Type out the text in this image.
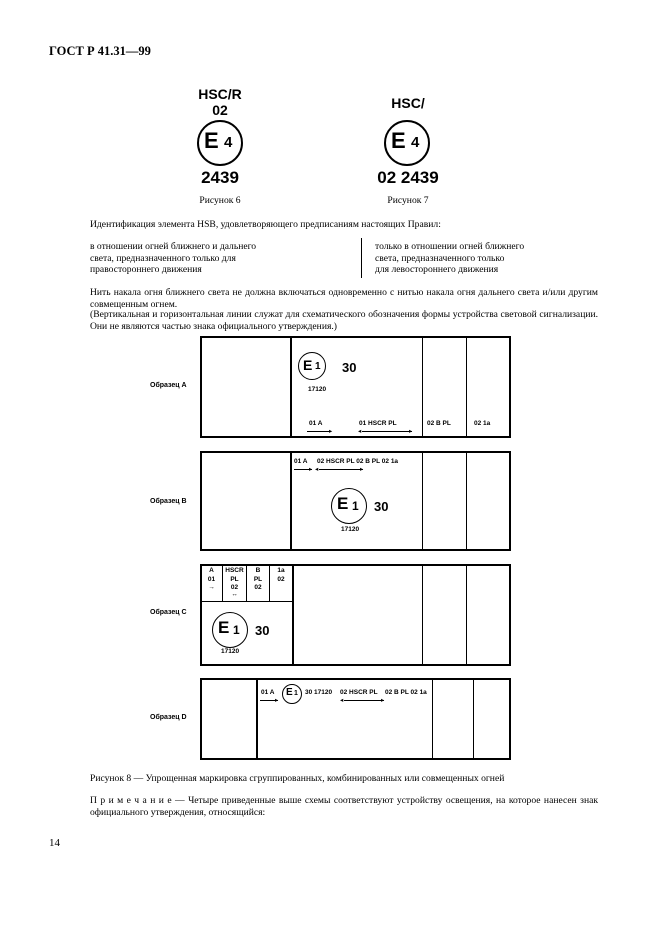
ГОСТ Р 41.31—99
HSC/R
02
E 4
2439
Рисунок 6
HSC/
E 4
02 2439
Рисунок 7
Идентификация элемента HSB, удовлетворяющего предписаниям настоящих Правил:
в отношении огней ближнего и дальнего
света, предназначенного только для
правостороннего движения
только в отношении огней ближнего
света, предназначенного только
для левостороннего движения
Нить накала огня ближнего света не должна включаться одновременно с нитью накала огня дальнего света и/или другим совмещенным огнем.
(Вертикальная и горизонтальная линии служат для схематического обозначения формы устройства световой сигнализации. Они не являются частью знака официального утверждения.)
Образец А
E 1 30
17120
01 A
▸
01 HSCR PL
◂	▸
02 B PL	02 1a
Образец В
01 A 02 HSCR PL 02 B PL 02 1a
▸ ◂	▸
E 1 30
17120
Образец С
A
01
→
HSCR
PL
02
↔
B
PL
02
1a
02
E 1 30
17120
Образец D
01 A
▸
E 1 30 17120 02 HSCR PL
◂	▸
02 B PL 02 1a
Рисунок 8 — Упрощенная маркировка сгруппированных, комбинированных или совмещенных огней
П р и м е ч а н и е — Четыре приведенные выше схемы соответствуют устройству освещения, на которое нанесен знак официального утверждения, относящийся:
14
